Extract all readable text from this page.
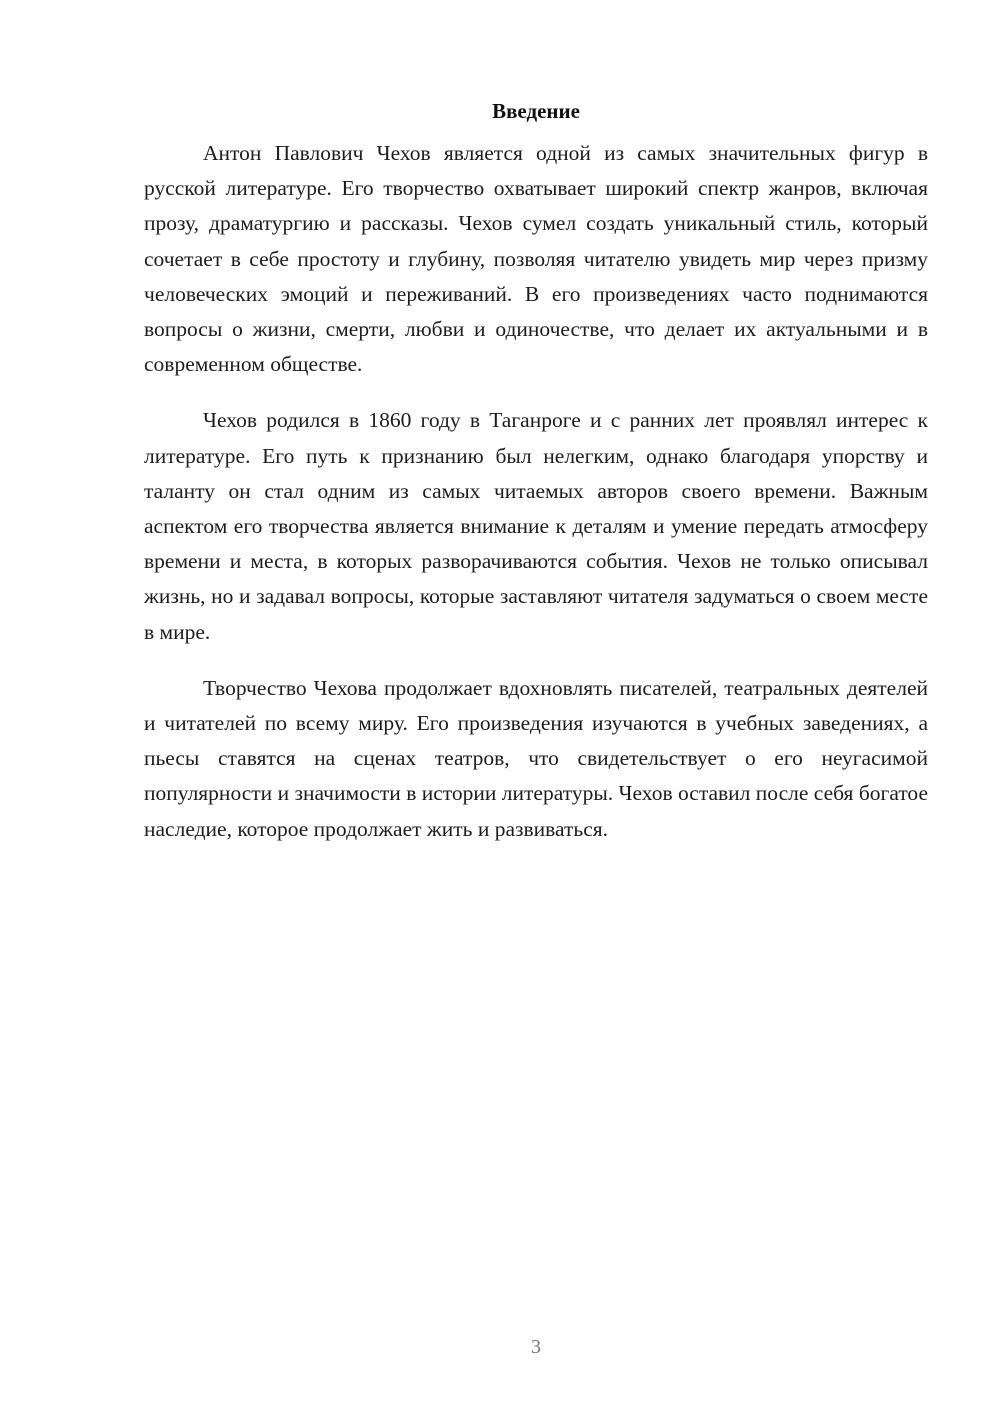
Введение

Антон Павлович Чехов является одной из самых значительных фигур в русской литературе. Его творчество охватывает широкий спектр жанров, включая прозу, драматургию и рассказы. Чехов сумел создать уникальный стиль, который сочетает в себе простоту и глубину, позволяя читателю увидеть мир через призму человеческих эмоций и переживаний. В его произведениях часто поднимаются вопросы о жизни, смерти, любви и одиночестве, что делает их актуальными и в современном обществе.

Чехов родился в 1860 году в Таганроге и с ранних лет проявлял интерес к литературе. Его путь к признанию был нелегким, однако благодаря упорству и таланту он стал одним из самых читаемых авторов своего времени. Важным аспектом его творчества является внимание к деталям и умение передать атмосферу времени и места, в которых разворачиваются события. Чехов не только описывал жизнь, но и задавал вопросы, которые заставляют читателя задуматься о своем месте в мире.

Творчество Чехова продолжает вдохновлять писателей, театральных деятелей и читателей по всему миру. Его произведения изучаются в учебных заведениях, а пьесы ставятся на сценах театров, что свидетельствует о его неугасимой популярности и значимости в истории литературы. Чехов оставил после себя богатое наследие, которое продолжает жить и развиваться.

3
